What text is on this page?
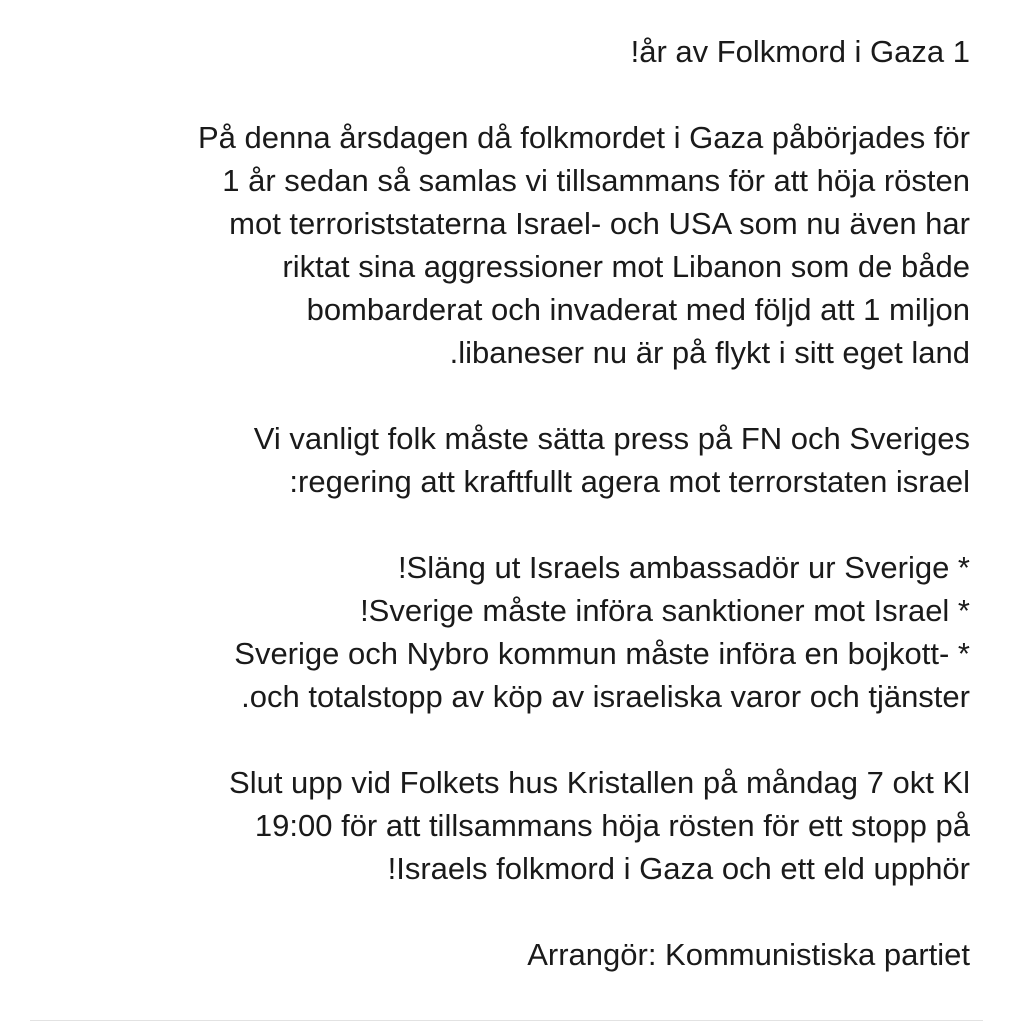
!år av Folkmord i Gaza 1
På denna årsdagen då folkmordet i Gaza påbörjades för
1 år sedan så samlas vi tillsammans för att höja rösten
mot terroriststaterna Israel- och USA som nu även har
riktat sina aggressioner mot Libanon som de både
bombarderat och invaderat med följd att 1 miljon
.libaneser nu är på flykt i sitt eget land
Vi vanligt folk måste sätta press på FN och Sveriges
:regering att kraftfullt agera mot terrorstaten israel
!Släng ut Israels ambassadör ur Sverige *
!Sverige måste införa sanktioner mot Israel *
Sverige och Nybro kommun måste införa en bojkott- *
.och totalstopp av köp av israeliska varor och tjänster
Slut upp vid Folkets hus Kristallen på måndag 7 okt Kl
19:00 för att tillsammans höja rösten för ett stopp på
!Israels folkmord i Gaza och ett eld upphör
Arrangör: Kommunistiska partiet
